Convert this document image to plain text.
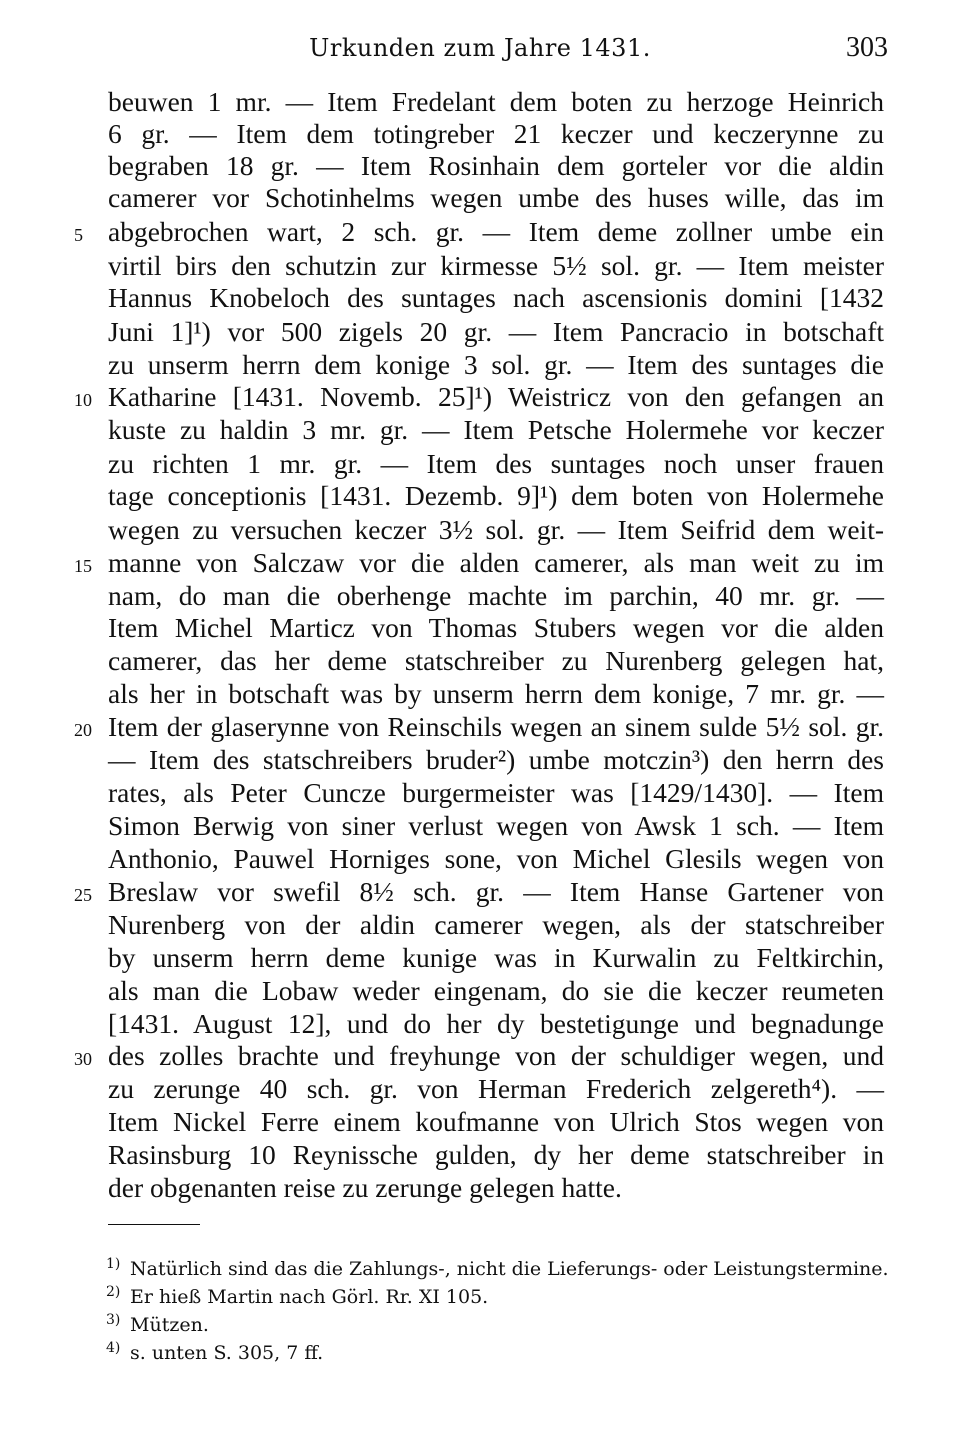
Urkunden zum Jahre 1431.	303
beuwen 1 mr. — Item Fredelant dem boten zu herzoge Heinrich
6 gr. — Item dem totingreber 21 keczer und keczerynne zu
begraben 18 gr. — Item Rosinhain dem gorteler vor die aldin
camerer vor Schotinhelms wegen umbe des huses wille, das im
abgebrochen wart, 2 sch. gr. — Item deme zollner umbe ein
virtil birs den schutzin zur kirmesse 5½ sol. gr. — Item meister
Hannus Knobeloch des suntages nach ascensionis domini [1432
Juni 1]¹) vor 500 zigels 20 gr. — Item Pancracio in botschaft
zu unserm herrn dem konige 3 sol. gr. — Item des suntages die
Katharine [1431. Novemb. 25]¹) Weistricz von den gefangen an
kuste zu haldin 3 mr. gr. — Item Petsche Holermehe vor keczer
zu richten 1 mr. gr. — Item des suntages noch unser frauen
tage conceptionis [1431. Dezemb. 9]¹) dem boten von Holermehe
wegen zu versuchen keczer 3½ sol. gr. — Item Seifrid dem weit-
manne von Salczaw vor die alden camerer, als man weit zu im
nam, do man die oberhenge machte im parchin, 40 mr. gr. —
Item Michel Marticz von Thomas Stubers wegen vor die alden
camerer, das her deme statschreiber zu Nurenberg gelegen hat,
als her in botschaft was by unserm herrn dem konige, 7 mr. gr. —
Item der glaserynne von Reinschils wegen an sinem sulde 5½ sol. gr.
— Item des statschreibers bruder²) umbe motczin³) den herrn des
rates, als Peter Cuncze burgermeister was [1429/1430]. — Item
Simon Berwig von siner verlust wegen von Awsk 1 sch. — Item
Anthonio, Pauwel Horniges sone, von Michel Glesils wegen von
Breslaw vor swefil 8½ sch. gr. — Item Hanse Gartener von
Nurenberg von der aldin camerer wegen, als der statschreiber
by unserm herrn deme kunige was in Kurwalin zu Feltkirchin,
als man die Lobaw weder eingenam, do sie die keczer reumeten
[1431. August 12], und do her dy bestetigunge und begnadunge
des zolles brachte und freyhunge von der schuldiger wegen, und
zu zerunge 40 sch. gr. von Herman Frederich zelgereth⁴). —
Item Nickel Ferre einem koufmanne von Ulrich Stos wegen von
Rasinsburg 10 Reynissche gulden, dy her deme statschreiber in
der obgenanten reise zu zerunge gelegen hatte.
5
10
15
20
25
30
1) Natürlich sind das die Zahlungs-, nicht die Lieferungs- oder Leistungstermine.
2) Er hieß Martin nach Görl. Rr. XI 105.
3) Mützen.
4) s. unten S. 305, 7 ff.
